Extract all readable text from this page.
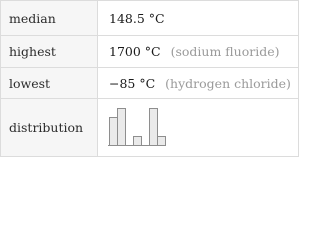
median	148.5 °C
highest	1700 °C (sodium fluoride)
lowest	−85 °C (hydrogen chloride)
distribution
